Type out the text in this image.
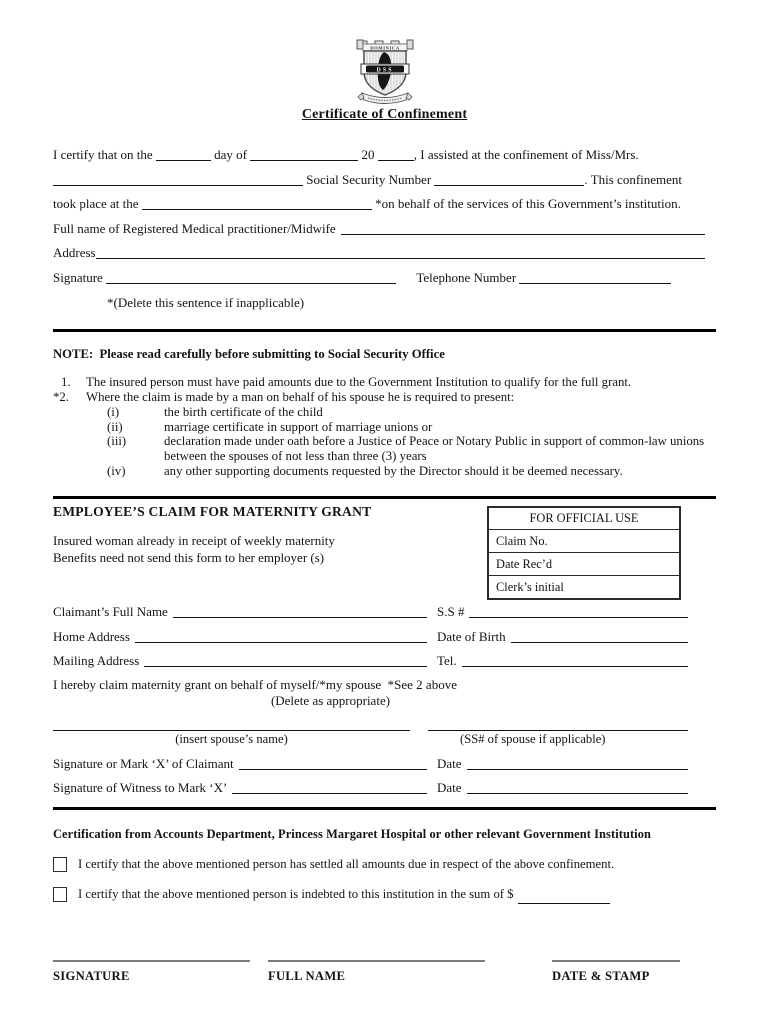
DOMINICA
DSS
Certificate of Confinement
I certify that on the	day of	20	, I assisted at the confinement of Miss/Mrs.
Social Security Number	. This confinement
took place at the	*on behalf of the services of this Government’s institution.
Full name of Registered Medical practitioner/Midwife
Address
Signature	Telephone Number
*(Delete this sentence if inapplicable)
NOTE:  Please read carefully before submitting to Social Security Office
1.	The insured person must have paid amounts due to the Government Institution to qualify for the full grant.
*2.	Where the claim is made by a man on behalf of his spouse he is required to present:
(i)	the birth certificate of the child
(ii)	marriage certificate in support of marriage unions or
(iii)	declaration made under oath before a Justice of Peace or Notary Public in support of common-law unions between the spouses of not less than three (3) years
(iv)	any other supporting documents requested by the Director should it be deemed necessary.
FOR OFFICIAL USE
Claim No.
Date Rec’d
Clerk’s initial
EMPLOYEE’S CLAIM FOR MATERNITY GRANT
Insured woman already in receipt of weekly maternity
Benefits need not send this form to her employer (s)
Claimant’s Full Name	S.S #
Home Address	Date of Birth
Mailing Address	Tel.
I hereby claim maternity grant on behalf of myself/*my spouse  *See 2 above
(Delete as appropriate)
(insert spouse’s name)	(SS# of spouse if applicable)
Signature or Mark ‘X’ of Claimant	Date
Signature of Witness to Mark ‘X’	Date
Certification from Accounts Department, Princess Margaret Hospital or other relevant Government Institution
I certify that the above mentioned person has settled all amounts due in respect of the above confinement.
I certify that the above mentioned person is indebted to this institution in the sum of $
SIGNATURE	FULL NAME	DATE & STAMP
